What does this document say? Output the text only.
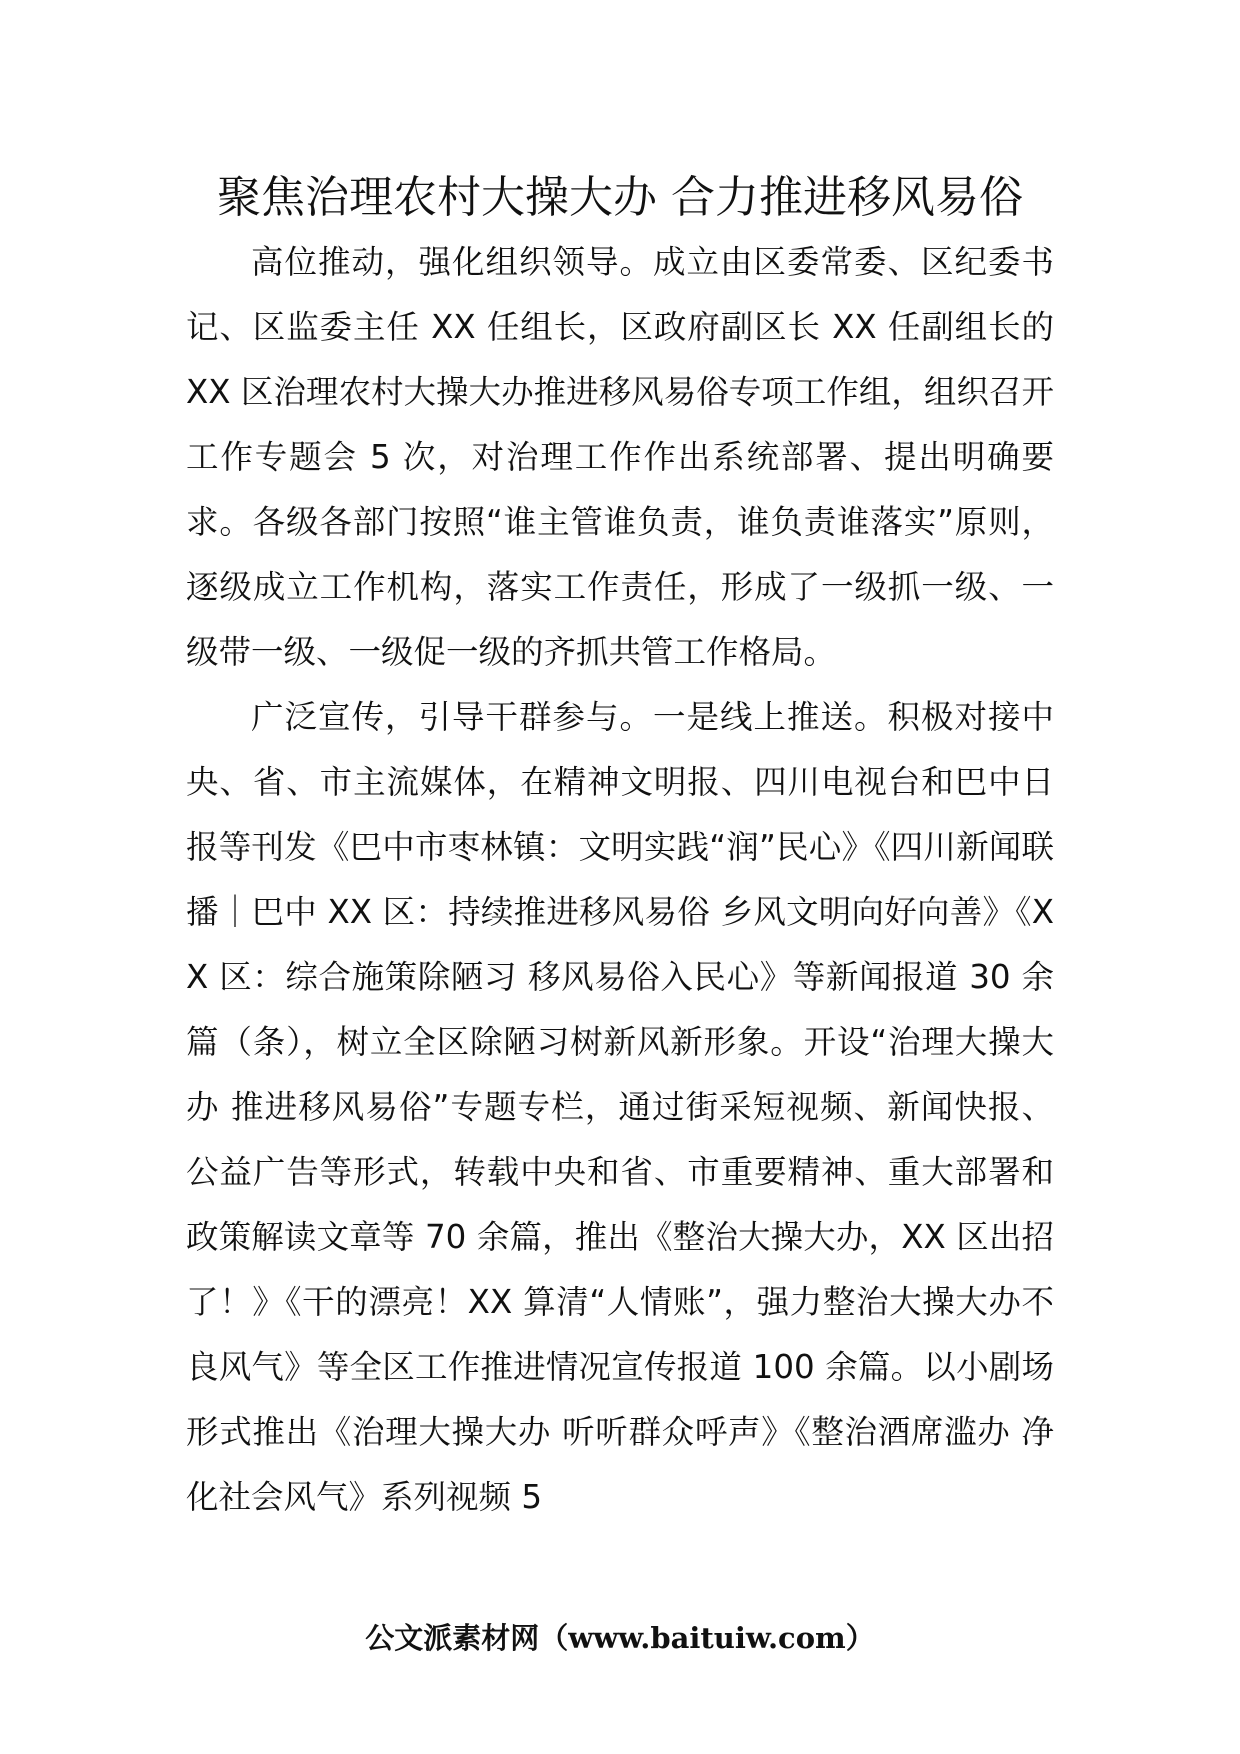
聚焦治理农村大操大办 合力推进移风易俗

高位推动，强化组织领导。成立由区委常委、区纪委书记、区监委主任 XX 任组长，区政府副区长 XX 任副组长的 XX 区治理农村大操大办推进移风易俗专项工作组，组织召开工作专题会 5 次，对治理工作作出系统部署、提出明确要求。各级各部门按照“谁主管谁负责，谁负责谁落实”原则，逐级成立工作机构，落实工作责任，形成了一级抓一级、一级带一级、一级促一级的齐抓共管工作格局。

广泛宣传，引导干群参与。一是线上推送。积极对接中央、省、市主流媒体，在精神文明报、四川电视台和巴中日报等刊发《巴中市枣林镇：文明实践“润”民心》《四川新闻联播｜巴中 XX 区：持续推进移风易俗 乡风文明向好向善》《XX 区：综合施策除陋习 移风易俗入民心》等新闻报道 30 余篇（条），树立全区除陋习树新风新形象。开设“治理大操大办 推进移风易俗”专题专栏，通过街采短视频、新闻快报、公益广告等形式，转载中央和省、市重要精神、重大部署和政策解读文章等 70 余篇，推出《整治大操大办，XX 区出招了！》《干的漂亮！XX 算清“人情账”，强力整治大操大办不良风气》等全区工作推进情况宣传报道 100 余篇。以小剧场形式推出《治理大操大办 听听群众呼声》《整治酒席滥办 净化社会风气》系列视频 5

公文派素材网（www.baituiw.com）
